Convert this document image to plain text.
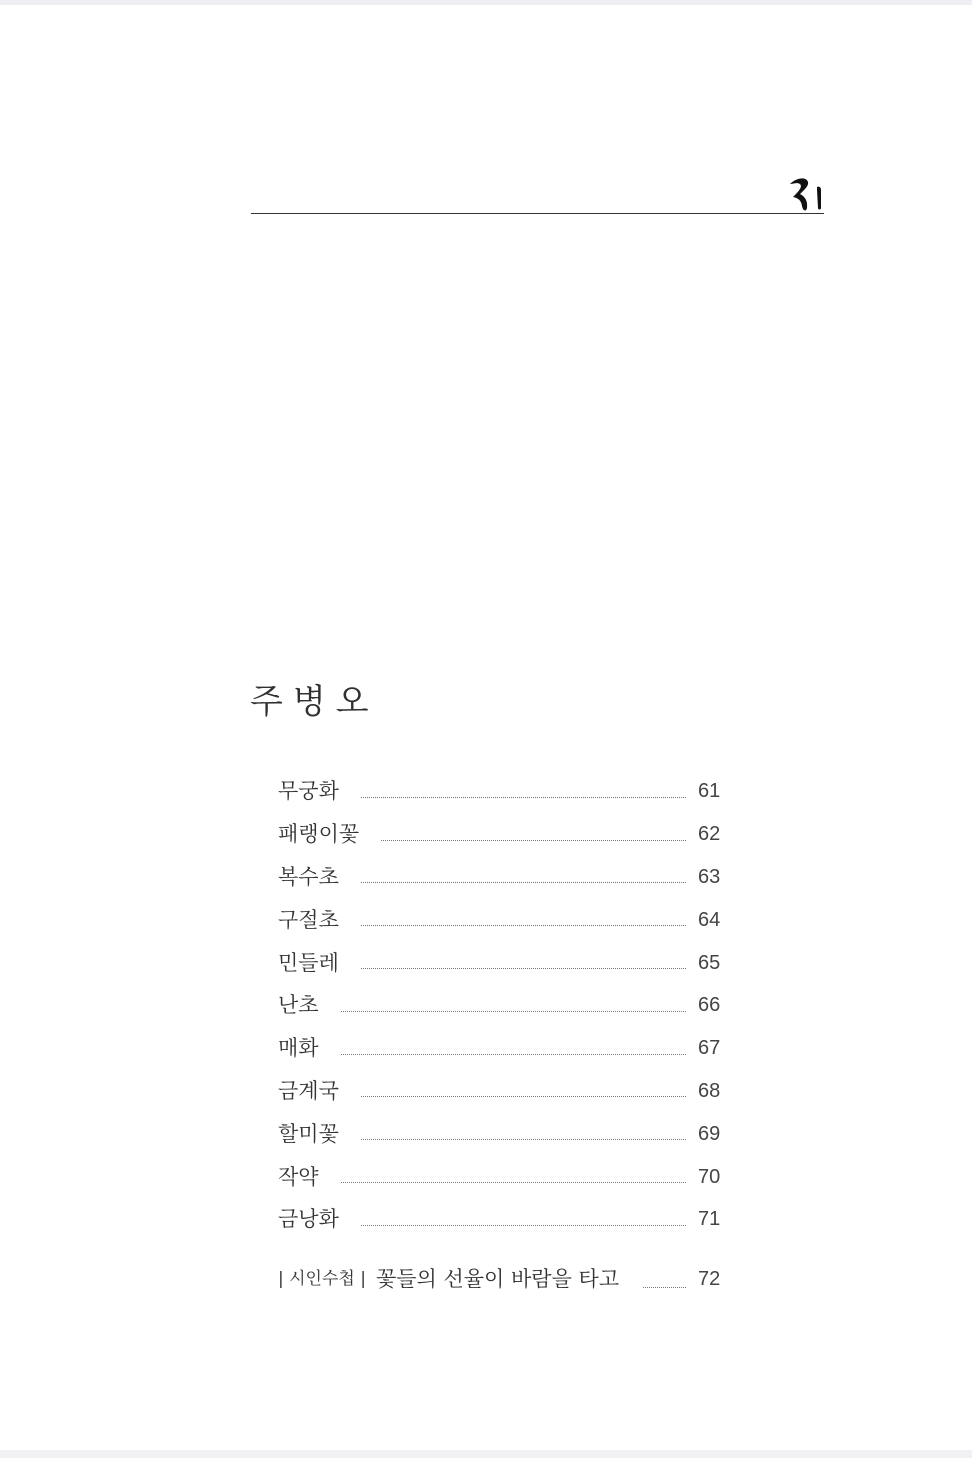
주병오
무궁화	61
패랭이꽃	62
복수초	63
구절초	64
민들레	65
난초	66
매화	67
금계국	68
할미꽃	69
작약	70
금낭화	71
| 시인수첩 | 꽃들의 선율이 바람을 타고	72
